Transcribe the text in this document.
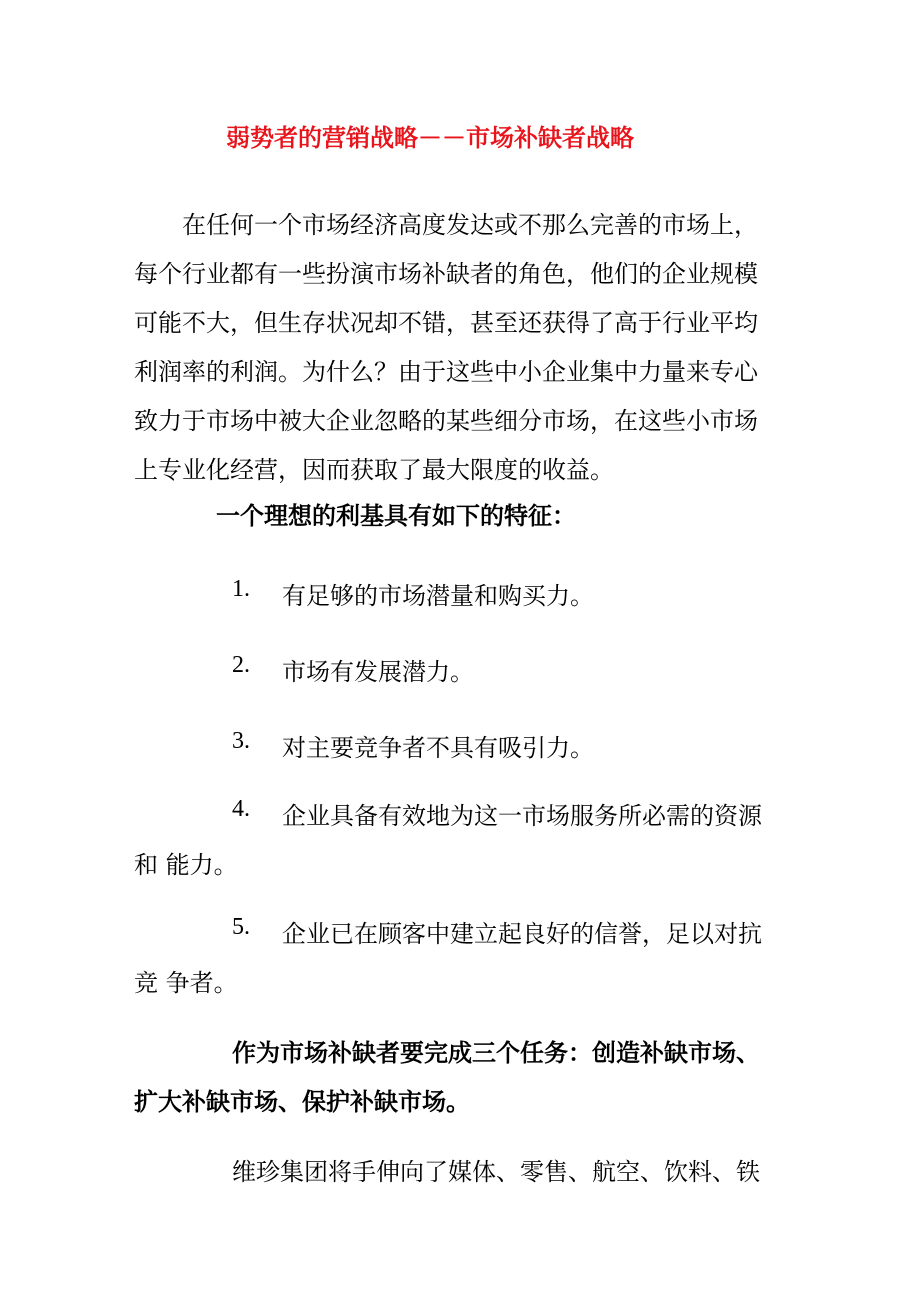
弱势者的营销战略－－市场补缺者战略
在任何一个市场经济高度发达或不那么完善的市场上，
每个行业都有一些扮演市场补缺者的角色，他们的企业规模
可能不大，但生存状况却不错，甚至还获得了高于行业平均
利润率的利润。为什么？由于这些中小企业集中力量来专心
致力于市场中被大企业忽略的某些细分市场，在这些小市场
上专业化经营，因而获取了最大限度的收益。
一个理想的利基具有如下的特征：
1. 有足够的市场潜量和购买力。
2. 市场有发展潜力。
3. 对主要竞争者不具有吸引力。
4. 企业具备有效地为这一市场服务所必需的资源
和 能力。
5. 企业已在顾客中建立起良好的信誉，足以对抗
竞 争者。
作为市场补缺者要完成三个任务：创造补缺市场、
扩大补缺市场、保护补缺市场。
维珍集团将手伸向了媒体、零售、航空、饮料、铁
